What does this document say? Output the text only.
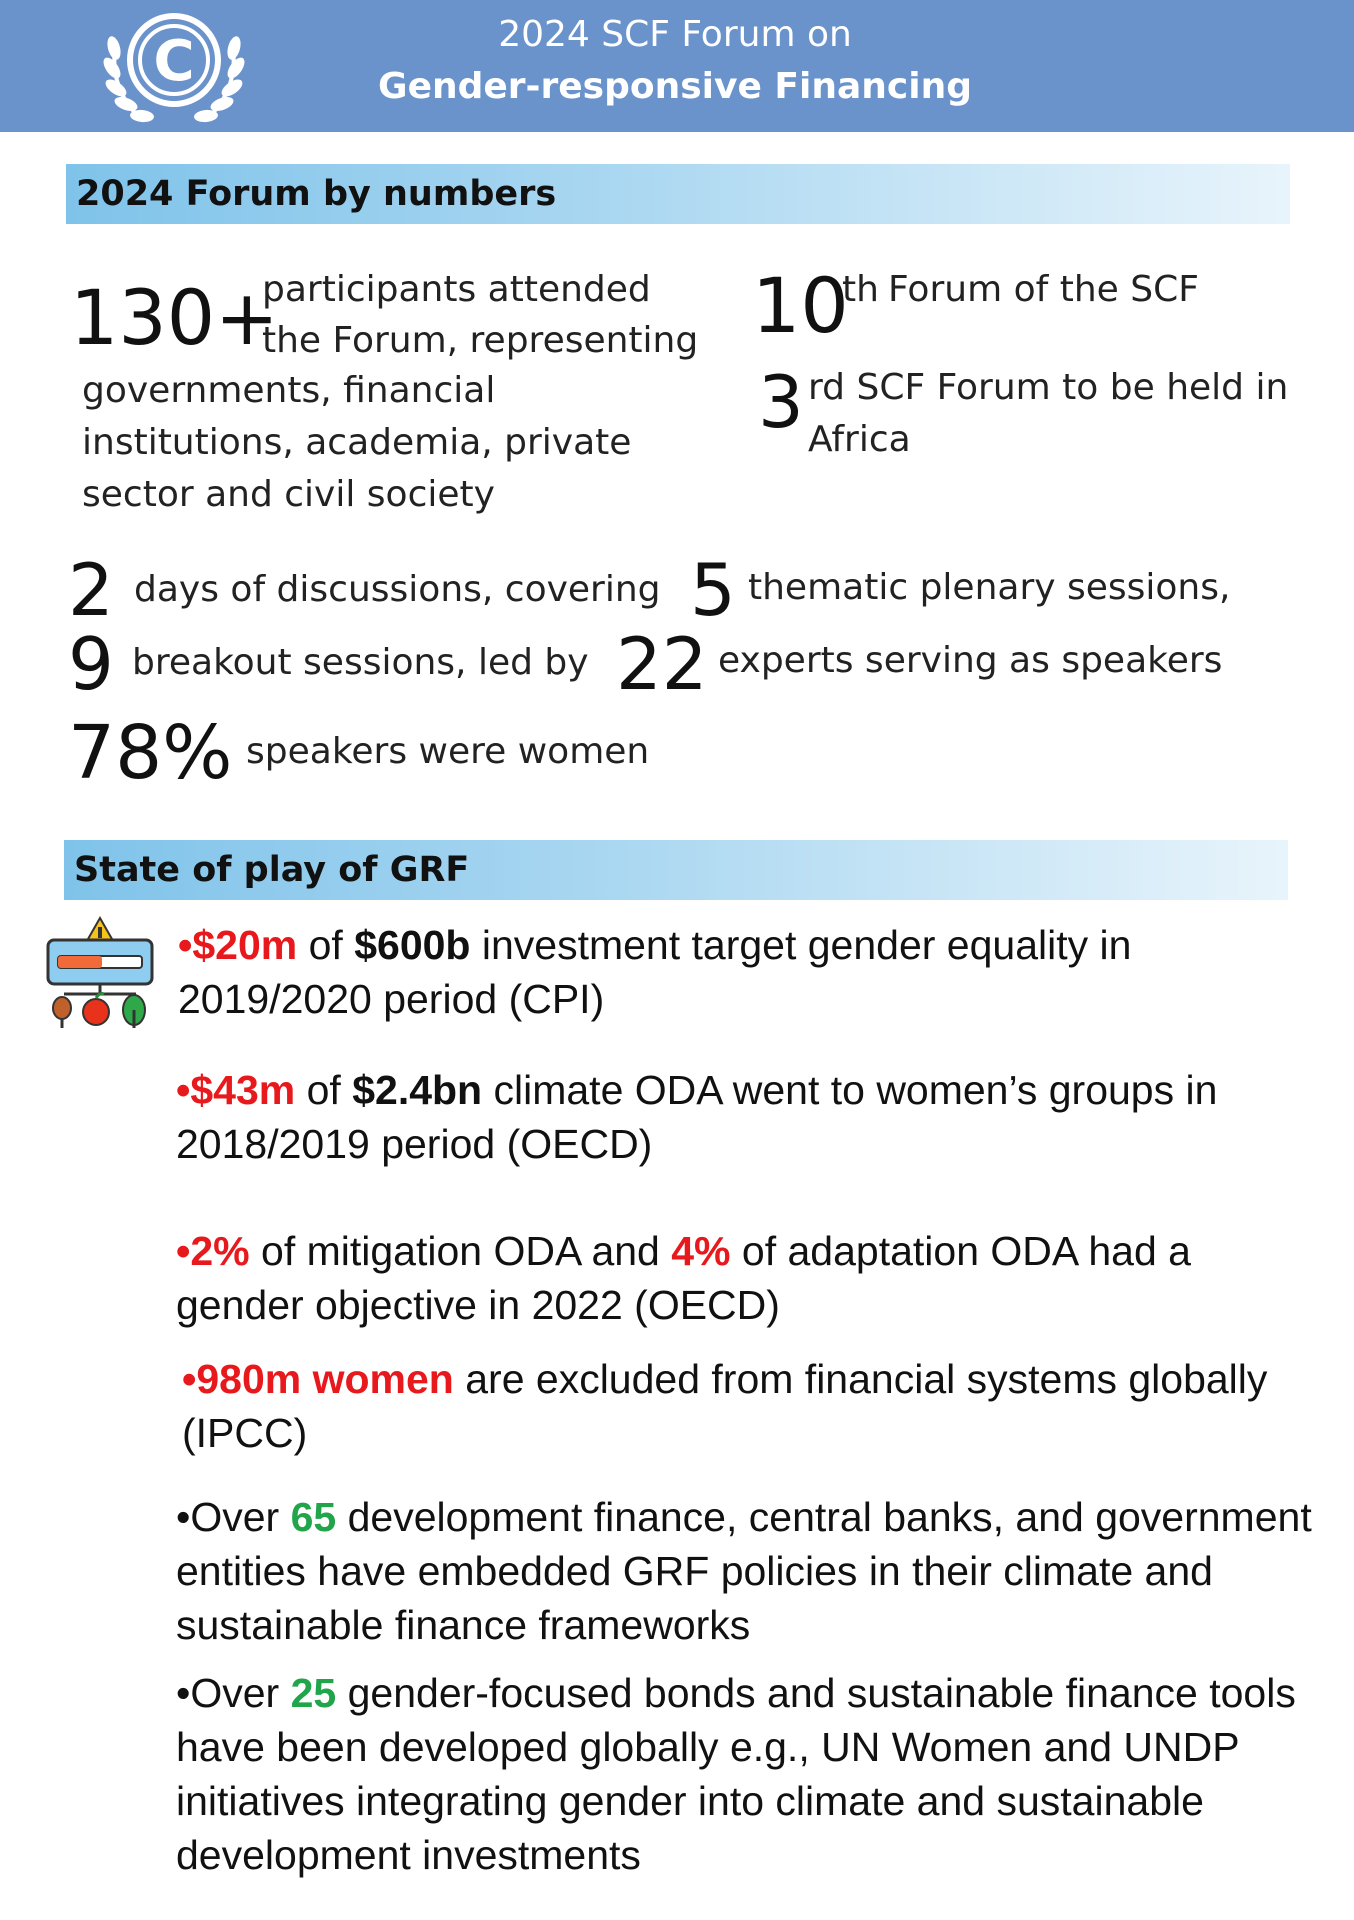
C	2024 SCF Forum on
Gender-responsive Financing
2024 Forum by numbers
130+
participants attended
the Forum, representing
governments, financial institutions, academia, private sector and civil society
10
th Forum of the SCF
3 rd SCF Forum to be held in Africa
2 days of discussions, covering 5 thematic plenary sessions,
9 breakout sessions, led by 22 experts serving as speakers
78% speakers were women
State of play of GRF
•$20m of $600b investment target gender equality in 2019/2020 period (CPI)
•$43m of $2.4bn climate ODA went to women’s groups in 2018/2019 period (OECD)
•2% of mitigation ODA and 4% of adaptation ODA had a gender objective in 2022 (OECD)
•980m women are excluded from financial systems globally (IPCC)
•Over 65 development finance, central banks, and government entities have embedded GRF policies in their climate and sustainable finance frameworks
•Over 25 gender-focused bonds and sustainable finance tools have been developed globally e.g., UN Women and UNDP initiatives integrating gender into climate and sustainable development investments
